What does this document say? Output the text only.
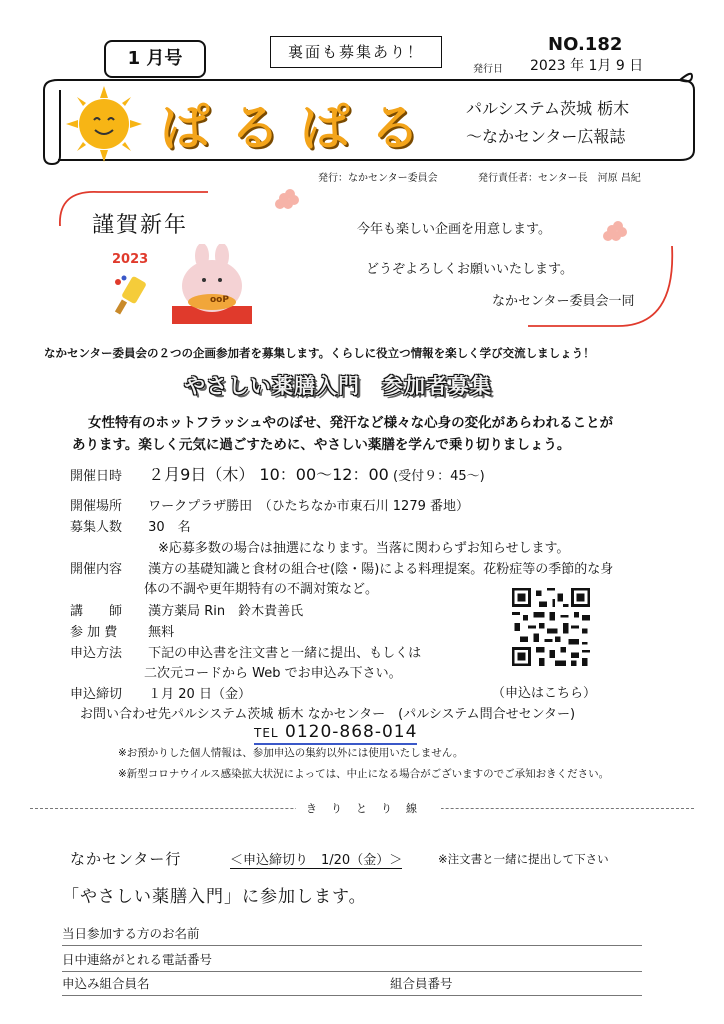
1 月号	裏面も募集あり！	NO.182
発行日 2023 年 1月 9 日
ぱるぱる パルシステム茨城 栃木
～なかセンター広報誌
発行：なかセンター委員会	発行責任者：センター長　河原 昌紀
謹賀新年
2023
ooP
今年も楽しい企画を用意します。
どうぞよろしくお願いいたします。
なかセンター委員会一同
なかセンター委員会の２つの企画参加者を募集します。くらしに役立つ情報を楽しく学び交流しましょう！
やさしい薬膳入門　参加者募集
女性特有のホットフラッシュやのぼせ、発汗など様々な心身の変化があらわれることが
あります。楽しく元気に過ごすために、やさしい薬膳を学んで乗り切りましょう。
開催日時 ２月9日（木） 10：00～12：00 (受付９：45～)
開催場所 ワークプラザ勝田　（ひたちなか市東石川 1279 番地）
募集人数 30　名
※応募多数の場合は抽選になります。当落に関わらずお知らせします。
開催内容 漢方の基礎知識と食材の組合せ(陰・陽)による料理提案。花粉症等の季節的な身
体の不調や更年期特有の不調対策など。
講　　師 漢方薬局 Rin　鈴木貴善氏
参 加 費 無料
申込方法 下記の申込書を注文書と一緒に提出、もしくは
二次元コードから Web でお申込み下さい。
申込締切 １月 20 日（金）	（申込はこちら）
お問い合わせ先パルシステム茨城 栃木 なかセンター　(パルシステム問合せセンター)
TEL 0120-868-014
※お預かりした個人情報は、参加申込の集約以外には使用いたしません。
※新型コロナウイルス感染拡大状況によっては、中止になる場合がございますのでご承知おきください。
きりとり線
なかセンター行	＜申込締切り　1/20（金）＞	※注文書と一緒に提出して下さい
「やさしい薬膳入門」に参加します。
当日参加する方のお名前
日中連絡がとれる電話番号
申込み組合員名	組合員番号
